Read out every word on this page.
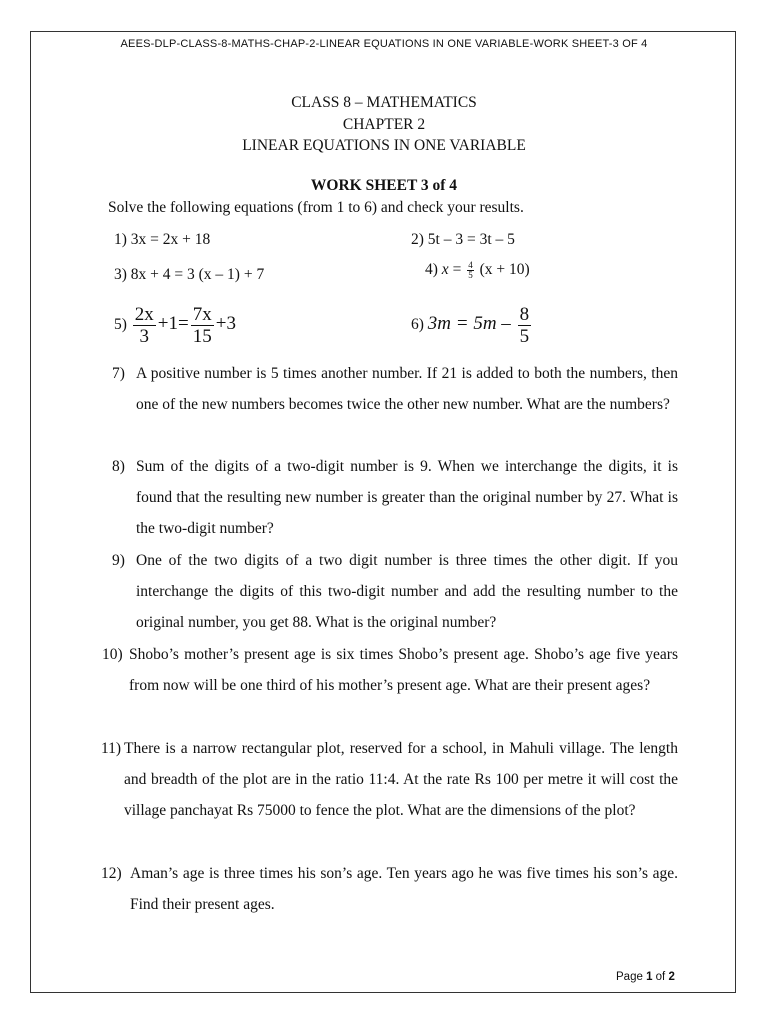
AEES-DLP-CLASS-8-MATHS-CHAP-2-LINEAR EQUATIONS IN ONE VARIABLE-WORK SHEET-3 OF 4
CLASS 8 – MATHEMATICS
CHAPTER 2
LINEAR EQUATIONS IN ONE VARIABLE
WORK SHEET 3 of 4
Solve the following equations (from 1 to 6) and check your results.
1) 3x = 2x + 18	2) 5t – 3 = 3t – 5
3) 8x + 4 = 3 (x – 1) + 7	4) $x = \frac{4}{5} (x + 10)$
$5) \frac{2x}{3} +1= \frac{7x}{15} +3$	6) $3m = 5m - \frac{8}{5}$
7) A positive number is 5 times another number. If 21 is added to both the numbers, then one of the new numbers becomes twice the other new number. What are the numbers?
8) Sum of the digits of a two-digit number is 9. When we interchange the digits, it is found that the resulting new number is greater than the original number by 27. What is the two-digit number?
9) One of the two digits of a two digit number is three times the other digit. If you interchange the digits of this two-digit number and add the resulting number to the original number, you get 88. What is the original number?
10) Shobo’s mother’s present age is six times Shobo’s present age. Shobo’s age five years from now will be one third of his mother’s present age. What are their present ages?
11) There is a narrow rectangular plot, reserved for a school, in Mahuli village. The length and breadth of the plot are in the ratio 11:4. At the rate Rs 100 per metre it will cost the village panchayat Rs 75000 to fence the plot. What are the dimensions of the plot?
12) Aman’s age is three times his son’s age. Ten years ago he was five times his son’s age. Find their present ages.
Page 1 of 2
